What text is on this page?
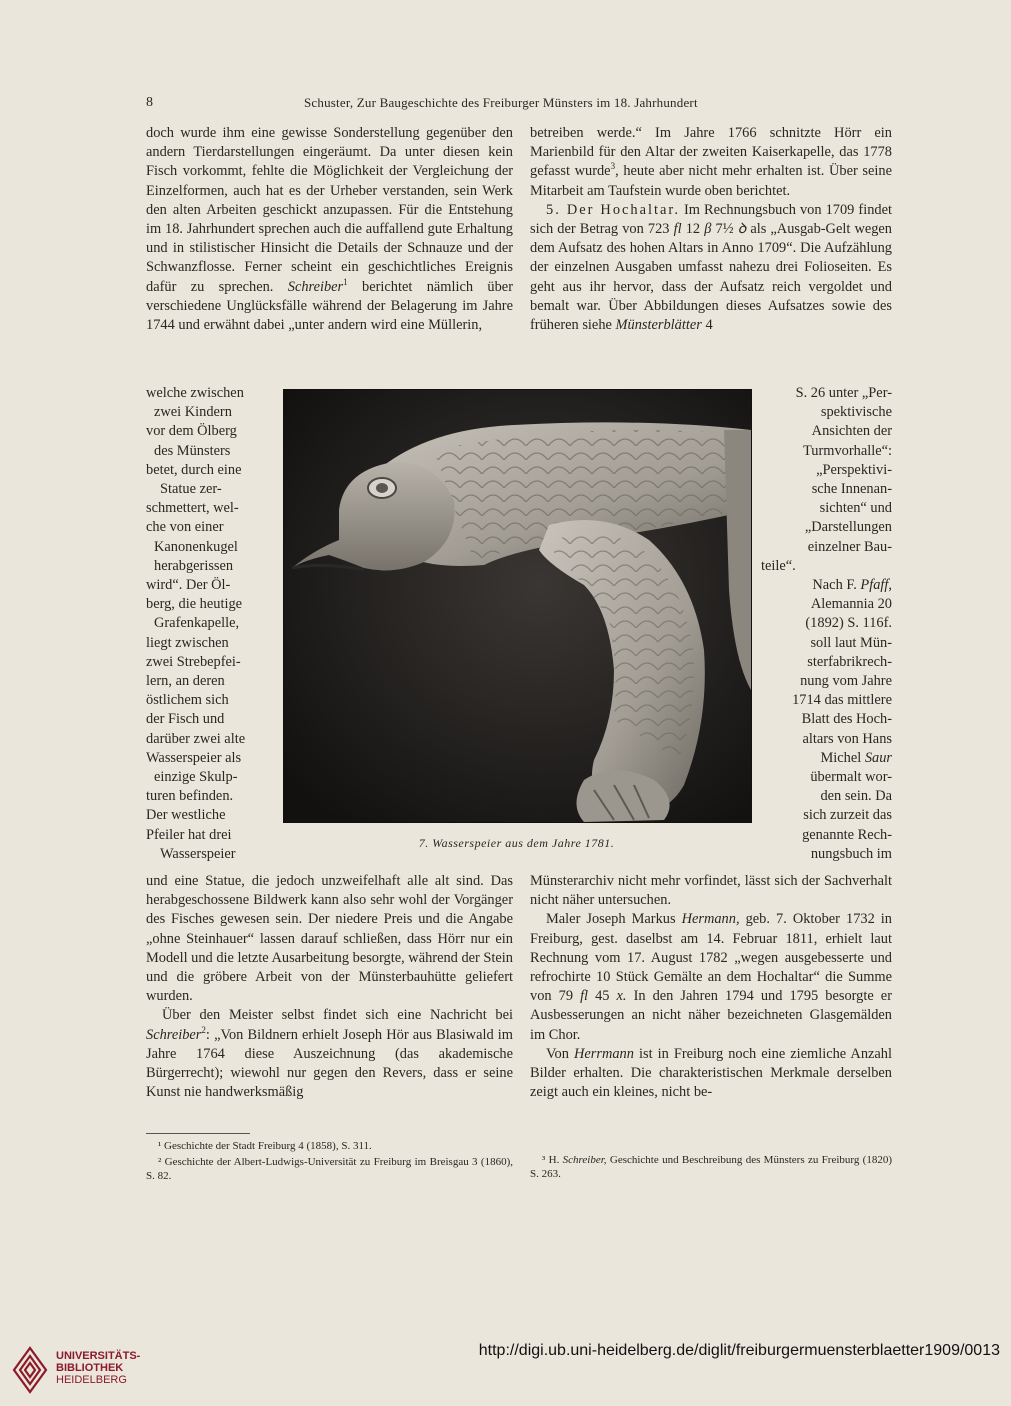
8	Schuster, Zur Baugeschichte des Freiburger Münsters im 18. Jahrhundert

doch wurde ihm eine gewisse Sonderstellung gegenüber den andern Tierdarstellungen eingeräumt. Da unter diesen kein Fisch vorkommt, fehlte die Möglichkeit der Vergleichung der Einzelformen, auch hat es der Urheber verstanden, sein Werk den alten Arbeiten geschickt anzupassen. Für die Entstehung im 18. Jahrhundert sprechen auch die auffallend gute Erhaltung und in stilistischer Hinsicht die Details der Schnauze und der Schwanzflosse. Ferner scheint ein geschichtliches Ereignis dafür zu sprechen. Schreiber$^1$ berichtet nämlich über verschiedene Unglücksfälle während der Belagerung im Jahre 1744 und erwähnt dabei „unter andern wird eine Müllerin,

welche zwischen
zwei Kindern
vor dem Ölberg
des Münsters
betet, durch eine
Statue zer-
schmettert, wel-
che von einer
Kanonenkugel
herabgerissen
wird“. Der Öl-
berg, die heutige
Grafenkapelle,
liegt zwischen
zwei Strebepfei-
lern, an deren
östlichem sich
der Fisch und
darüber zwei alte
Wasserspeier als
einzige Skulp-
turen befinden.
Der westliche
Pfeiler hat drei
Wasserspeier
7. Wasserspeier aus dem Jahre 1781.

betreiben werde.“ Im Jahre 1766 schnitzte Hörr ein Marienbild für den Altar der zweiten Kaiserkapelle, das 1778 gefasst wurde$^3$, heute aber nicht mehr erhalten ist. Über seine Mitarbeit am Taufstein wurde oben berichtet.

5. Der Hochaltar. Im Rechnungsbuch von 1709 findet sich der Betrag von 723 fl 12 β 7½ ꝺ als „Ausgab-Gelt wegen dem Aufsatz des hohen Altars in Anno 1709“. Die Aufzählung der einzelnen Ausgaben umfasst nahezu drei Folioseiten. Es geht aus ihr hervor, dass der Aufsatz reich vergoldet und bemalt war. Über Abbildungen dieses Aufsatzes sowie des früheren siehe Münsterblätter 4

S. 26 unter „Per-
spektivische
Ansichten der
Turmvorhalle“:
„Perspektivi-
sche Innenan-
sichten“ und
„Darstellungen
einzelner Bau-
teile“.
Nach F. Pfaff,
Alemannia 20
(1892) S. 116f.
soll laut Mün-
sterfabrikrech-
nung vom Jahre
1714 das mittlere
Blatt des Hoch-
altars von Hans
Michel Saur
übermalt wor-
den sein. Da
sich zurzeit das
genannte Rech-
nungsbuch im

und eine Statue, die jedoch unzweifelhaft alle alt sind. Das herabgeschossene Bildwerk kann also sehr wohl der Vorgänger des Fisches gewesen sein. Der niedere Preis und die Angabe „ohne Steinhauer“ lassen darauf schließen, dass Hörr nur ein Modell und die letzte Ausarbeitung besorgte, während der Stein und die gröbere Arbeit von der Münsterbauhütte geliefert wurden.

Über den Meister selbst findet sich eine Nachricht bei Schreiber$^2$: „Von Bildnern erhielt Joseph Hör aus Blasiwald im Jahre 1764 diese Auszeichnung (das akademische Bürgerrecht); wiewohl nur gegen den Revers, dass er seine Kunst nie handwerksmäßig

Münsterarchiv nicht mehr vorfindet, lässt sich der Sachverhalt nicht näher untersuchen.

Maler Joseph Markus Hermann, geb. 7. Oktober 1732 in Freiburg, gest. daselbst am 14. Februar 1811, erhielt laut Rechnung vom 17. August 1782 „wegen ausgebesserte und refrochirte 10 Stück Gemälte an dem Hochaltar“ die Summe von 79 fl 45 x. In den Jahren 1794 und 1795 besorgte er Ausbesserungen an nicht näher bezeichneten Glasgemälden im Chor.

Von Herrmann ist in Freiburg noch eine ziemliche Anzahl Bilder erhalten. Die charakteristischen Merkmale derselben zeigt auch ein kleines, nicht be-

¹ Geschichte der Stadt Freiburg 4 (1858), S. 311.

² Geschichte der Albert-Ludwigs-Universität zu Freiburg im Breisgau 3 (1860), S. 82.

³ H. Schreiber, Geschichte und Beschreibung des Münsters zu Freiburg (1820) S. 263.

UNIVERSITÄTS-
BIBLIOTHEK
HEIDELBERG
http://digi.ub.uni-heidelberg.de/diglit/freiburgermuensterblaetter1909/0013
